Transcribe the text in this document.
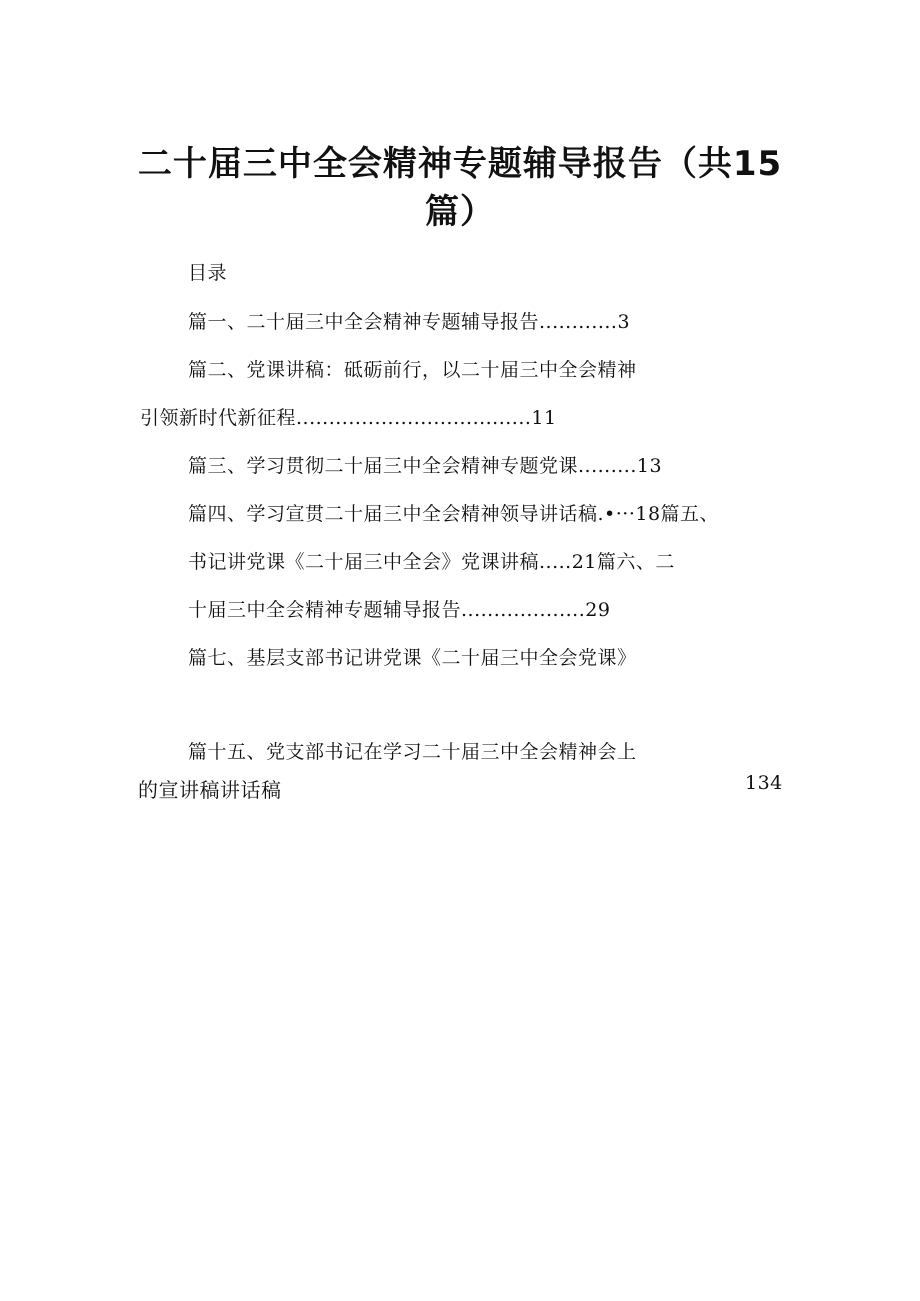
二十届三中全会精神专题辅导报告（共15
篇）
目录
篇一、二十届三中全会精神专题辅导报告............3
篇二、党课讲稿：砥砺前行，以二十届三中全会精神
引领新时代新征程....................................11
篇三、学习贯彻二十届三中全会精神专题党课.........13
篇四、学习宣贯二十届三中全会精神领导讲话稿.•···18篇五、
书记讲党课《二十届三中全会》党课讲稿.....21篇六、二
十届三中全会精神专题辅导报告...................29
篇七、基层支部书记讲党课《二十届三中全会党课》
篇十五、党支部书记在学习二十届三中全会精神会上
的宣讲稿讲话稿	134
